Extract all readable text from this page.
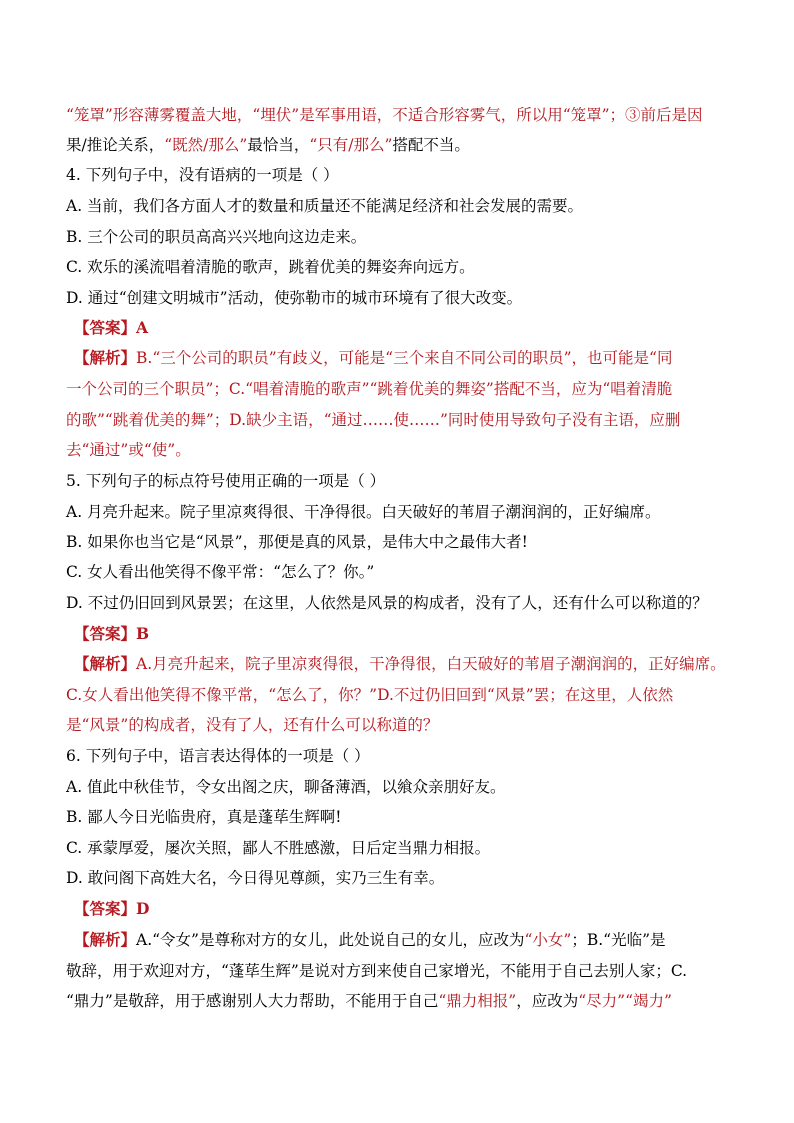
“笼罩”形容薄雾覆盖大地，“埋伏”是军事用语，不适合形容雾气，所以用“笼罩”；③前后是因
果/推论关系，“既然/那么”最恰当，“只有/那么”搭配不当。
4. 下列句子中，没有语病的一项是（ ）
A. 当前，我们各方面人才的数量和质量还不能满足经济和社会发展的需要。
B. 三个公司的职员高高兴兴地向这边走来。
C. 欢乐的溪流唱着清脆的歌声，跳着优美的舞姿奔向远方。
D. 通过“创建文明城市”活动，使弥勒市的城市环境有了很大改变。
【答案】A
【解析】B.“三个公司的职员”有歧义，可能是“三个来自不同公司的职员”，也可能是“同
一个公司的三个职员”；C.“唱着清脆的歌声”“跳着优美的舞姿”搭配不当，应为“唱着清脆
的歌”“跳着优美的舞”；D.缺少主语，“通过……使……”同时使用导致句子没有主语，应删
去“通过”或“使”。
5. 下列句子的标点符号使用正确的一项是（ ）
A. 月亮升起来。院子里凉爽得很、干净得很。白天破好的苇眉子潮润润的，正好编席。
B. 如果你也当它是“风景”，那便是真的风景，是伟大中之最伟大者!
C. 女人看出他笑得不像平常：“怎么了？你。”
D. 不过仍旧回到风景罢；在这里，人依然是风景的构成者，没有了人，还有什么可以称道的？
【答案】B
【解析】A.月亮升起来，院子里凉爽得很，干净得很，白天破好的苇眉子潮润润的，正好编席。
C.女人看出他笑得不像平常，“怎么了，你？”D.不过仍旧回到“风景”罢；在这里，人依然
是“风景”的构成者，没有了人，还有什么可以称道的？
6. 下列句子中，语言表达得体的一项是（ ）
A. 值此中秋佳节，令女出阁之庆，聊备薄酒，以飨众亲朋好友。
B. 鄙人今日光临贵府，真是蓬荜生辉啊!
C. 承蒙厚爱，屡次关照，鄙人不胜感激，日后定当鼎力相报。
D. 敢问阁下高姓大名，今日得见尊颜，实乃三生有幸。
【答案】D
【解析】A.“令女”是尊称对方的女儿，此处说自己的女儿，应改为“小女”；B.“光临”是
敬辞，用于欢迎对方，“蓬荜生辉”是说对方到来使自己家增光，不能用于自己去别人家；C.
“鼎力”是敬辞，用于感谢别人大力帮助，不能用于自己“鼎力相报”，应改为“尽力”“竭力”
